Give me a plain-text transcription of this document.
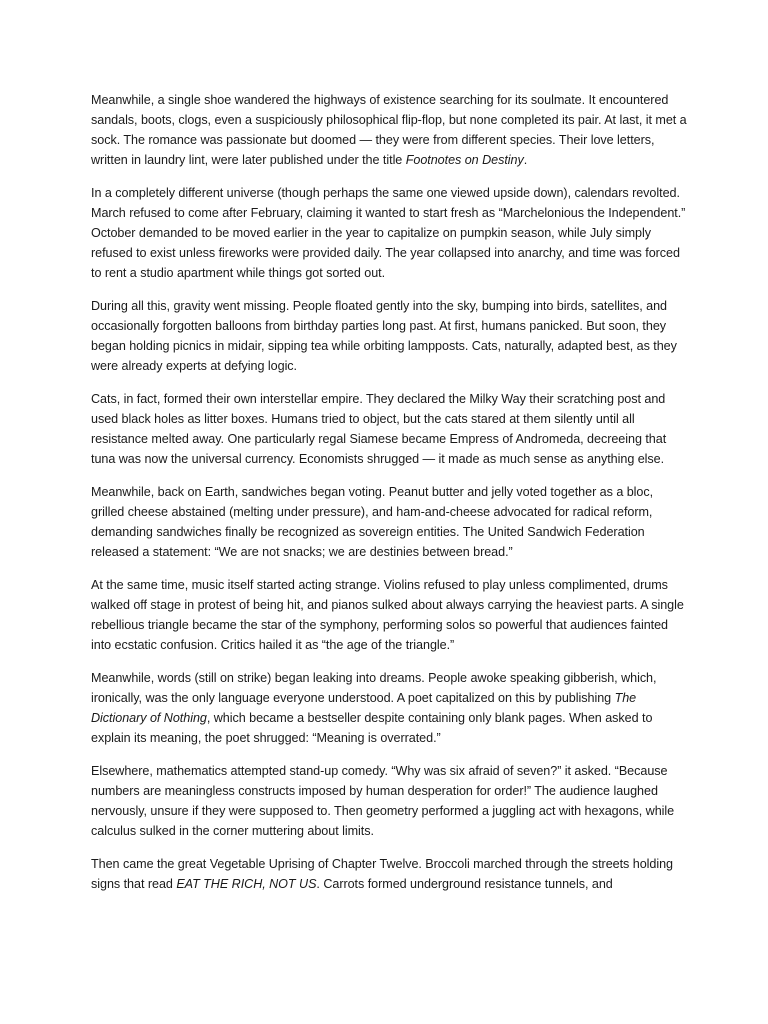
Meanwhile, a single shoe wandered the highways of existence searching for its soulmate. It encountered sandals, boots, clogs, even a suspiciously philosophical flip-flop, but none completed its pair. At last, it met a sock. The romance was passionate but doomed — they were from different species. Their love letters, written in laundry lint, were later published under the title Footnotes on Destiny.

In a completely different universe (though perhaps the same one viewed upside down), calendars revolted. March refused to come after February, claiming it wanted to start fresh as “Marchelonious the Independent.” October demanded to be moved earlier in the year to capitalize on pumpkin season, while July simply refused to exist unless fireworks were provided daily. The year collapsed into anarchy, and time was forced to rent a studio apartment while things got sorted out.

During all this, gravity went missing. People floated gently into the sky, bumping into birds, satellites, and occasionally forgotten balloons from birthday parties long past. At first, humans panicked. But soon, they began holding picnics in midair, sipping tea while orbiting lampposts. Cats, naturally, adapted best, as they were already experts at defying logic.

Cats, in fact, formed their own interstellar empire. They declared the Milky Way their scratching post and used black holes as litter boxes. Humans tried to object, but the cats stared at them silently until all resistance melted away. One particularly regal Siamese became Empress of Andromeda, decreeing that tuna was now the universal currency. Economists shrugged — it made as much sense as anything else.

Meanwhile, back on Earth, sandwiches began voting. Peanut butter and jelly voted together as a bloc, grilled cheese abstained (melting under pressure), and ham-and-cheese advocated for radical reform, demanding sandwiches finally be recognized as sovereign entities. The United Sandwich Federation released a statement: “We are not snacks; we are destinies between bread.”

At the same time, music itself started acting strange. Violins refused to play unless complimented, drums walked off stage in protest of being hit, and pianos sulked about always carrying the heaviest parts. A single rebellious triangle became the star of the symphony, performing solos so powerful that audiences fainted into ecstatic confusion. Critics hailed it as “the age of the triangle.”

Meanwhile, words (still on strike) began leaking into dreams. People awoke speaking gibberish, which, ironically, was the only language everyone understood. A poet capitalized on this by publishing The Dictionary of Nothing, which became a bestseller despite containing only blank pages. When asked to explain its meaning, the poet shrugged: “Meaning is overrated.”

Elsewhere, mathematics attempted stand-up comedy. “Why was six afraid of seven?” it asked. “Because numbers are meaningless constructs imposed by human desperation for order!” The audience laughed nervously, unsure if they were supposed to. Then geometry performed a juggling act with hexagons, while calculus sulked in the corner muttering about limits.

Then came the great Vegetable Uprising of Chapter Twelve. Broccoli marched through the streets holding signs that read EAT THE RICH, NOT US. Carrots formed underground resistance tunnels, and
